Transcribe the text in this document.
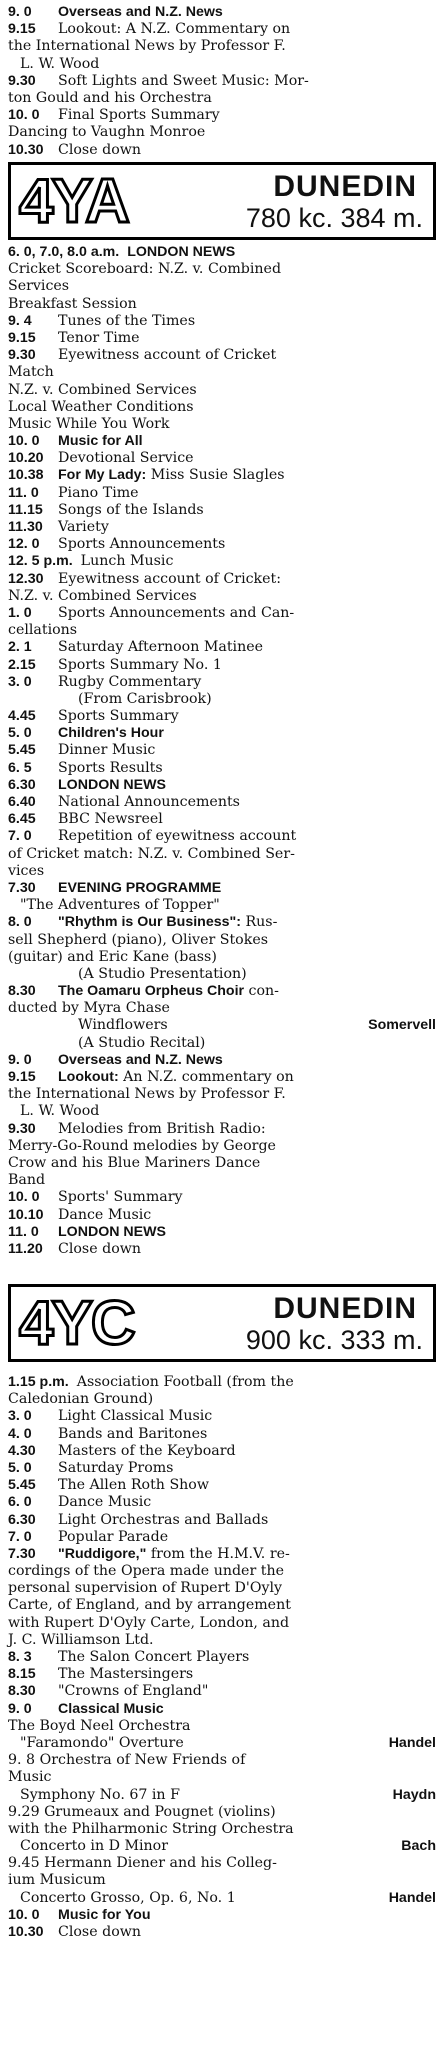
9. 0 Overseas and N.Z. News
9.15 Lookout: A N.Z. Commentary on
the International News by Professor F.
L. W. Wood
9.30 Soft Lights and Sweet Music: Mor-
ton Gould and his Orchestra
10. 0 Final Sports Summary
Dancing to Vaughn Monroe
10.30 Close down
4YA	DUNEDIN
780 kc. 384 m.
6. 0, 7.0, 8.0 a.m. LONDON NEWS
Cricket Scoreboard: N.Z. v. Combined
Services
Breakfast Session
9. 4 Tunes of the Times
9.15 Tenor Time
9.30 Eyewitness account of Cricket
Match
N.Z. v. Combined Services
Local Weather Conditions
Music While You Work
10. 0 Music for All
10.20 Devotional Service
10.38 For My Lady: Miss Susie Slagles
11. 0 Piano Time
11.15 Songs of the Islands
11.30 Variety
12. 0 Sports Announcements
12. 5 p.m. Lunch Music
12.30 Eyewitness account of Cricket:
N.Z. v. Combined Services
1. 0 Sports Announcements and Can-
cellations
2. 1 Saturday Afternoon Matinee
2.15 Sports Summary No. 1
3. 0 Rugby Commentary
(From Carisbrook)
4.45 Sports Summary
5. 0 Children's Hour
5.45 Dinner Music
6. 5 Sports Results
6.30 LONDON NEWS
6.40 National Announcements
6.45 BBC Newsreel
7. 0 Repetition of eyewitness account
of Cricket match: N.Z. v. Combined Ser-
vices
7.30 EVENING PROGRAMME
"The Adventures of Topper"
8. 0 "Rhythm is Our Business": Rus-
sell Shepherd (piano), Oliver Stokes
(guitar) and Eric Kane (bass)
(A Studio Presentation)
8.30 The Oamaru Orpheus Choir con-
ducted by Myra Chase
Windflowers	Somervell
(A Studio Recital)
9. 0 Overseas and N.Z. News
9.15 Lookout: An N.Z. commentary on
the International News by Professor F.
L. W. Wood
9.30 Melodies from British Radio:
Merry-Go-Round melodies by George
Crow and his Blue Mariners Dance
Band
10. 0 Sports' Summary
10.10 Dance Music
11. 0 LONDON NEWS
11.20 Close down
4YC	DUNEDIN
900 kc. 333 m.
1.15 p.m. Association Football (from the
Caledonian Ground)
3. 0 Light Classical Music
4. 0 Bands and Baritones
4.30 Masters of the Keyboard
5. 0 Saturday Proms
5.45 The Allen Roth Show
6. 0 Dance Music
6.30 Light Orchestras and Ballads
7. 0 Popular Parade
7.30 "Ruddigore," from the H.M.V. re-
cordings of the Opera made under the
personal supervision of Rupert D'Oyly
Carte, of England, and by arrangement
with Rupert D'Oyly Carte, London, and
J. C. Williamson Ltd.
8. 3 The Salon Concert Players
8.15 The Mastersingers
8.30 "Crowns of England"
9. 0 Classical Music
The Boyd Neel Orchestra
"Faramondo" Overture	Handel
9. 8 Orchestra of New Friends of
Music
Symphony No. 67 in F	Haydn
9.29 Grumeaux and Pougnet (violins)
with the Philharmonic String Orchestra
Concerto in D Minor	Bach
9.45 Hermann Diener and his Colleg-
ium Musicum
Concerto Grosso, Op. 6, No. 1	Handel
10. 0 Music for You
10.30 Close down
